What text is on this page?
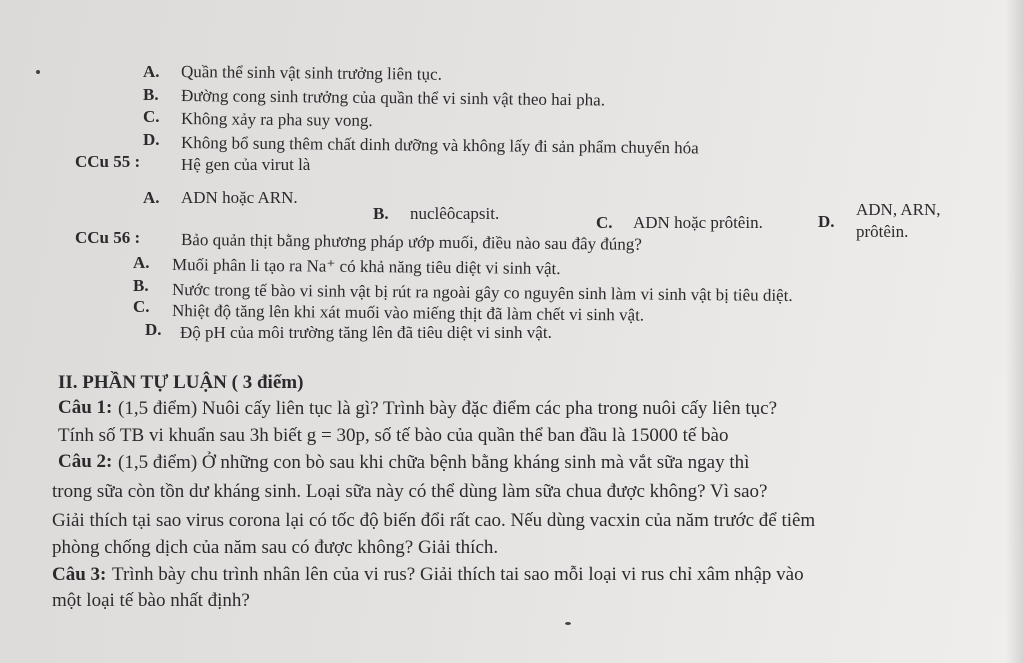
A. Quần thể sinh vật sinh trưởng liên tục.
B. Đường cong sinh trưởng của quần thể vi sinh vật theo hai pha.
C. Không xảy ra pha suy vong.
D. Không bổ sung thêm chất dinh dưỡng và không lấy đi sản phẩm chuyển hóa
CCu 55 : Hệ gen của virut là
A. ADN hoặc ARN.
B. nuclêôcapsit.	C. ADN hoặc prôtêin.	D.
ADN, ARN,
prôtêin.
CCu 56 : Bảo quản thịt bằng phương pháp ướp muối, điều nào sau đây đúng?
A. Muối phân li tạo ra Na⁺ có khả năng tiêu diệt vi sinh vật.
B. Nước trong tế bào vi sinh vật bị rút ra ngoài gây co nguyên sinh làm vi sinh vật bị tiêu diệt.
C. Nhiệt độ tăng lên khi xát muối vào miếng thịt đã làm chết vi sinh vật.
D. Độ pH của môi trường tăng lên đã tiêu diệt vi sinh vật.
II. PHẦN TỰ LUẬN ( 3 điểm)
Câu 1: (1,5 điểm) Nuôi cấy liên tục là gì? Trình bày đặc điểm các pha trong nuôi cấy liên tục?
Tính số TB vi khuẩn sau 3h biết g = 30p, số tế bào của quần thể ban đầu là 15000 tế bào
Câu 2: (1,5 điểm) Ở những con bò sau khi chữa bệnh bằng kháng sinh mà vắt sữa ngay thì
trong sữa còn tồn dư kháng sinh. Loại sữa này có thể dùng làm sữa chua được không? Vì sao?
Giải thích tại sao virus corona lại có tốc độ biến đổi rất cao. Nếu dùng vacxin của năm trước để tiêm
phòng chống dịch của năm sau có được không? Giải thích.
Câu 3: Trình bày chu trình nhân lên của vi rus? Giải thích tai sao mỗi loại vi rus chỉ xâm nhập vào
một loại tế bào nhất định?
